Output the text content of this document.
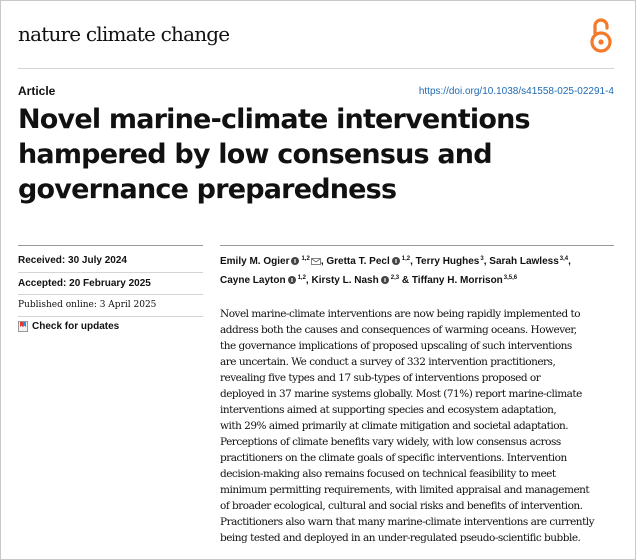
nature climate change
Article	https://doi.org/10.1038/s41558-025-02291-4
Novel marine-climate interventions
hampered by low consensus and
governance preparedness
Received: 30 July 2024
Accepted: 20 February 2025
Published online: 3 April 2025
Check for updates
Emily M. Ogier $^{1,2}$ , Gretta T. Pecl $^{1,2}$, Terry Hughes$^3$, Sarah Lawless$^{3,4}$,
Cayne Layton $^{1,2}$, Kirsty L. Nash $^{2,3}$ & Tiffany H. Morrison$^{3,5,6}$

Novel marine-climate interventions are now being rapidly implemented to
address both the causes and consequences of warming oceans. However,
the governance implications of proposed upscaling of such interventions
are uncertain. We conduct a survey of 332 intervention practitioners,
revealing five types and 17 sub-types of interventions proposed or
deployed in 37 marine systems globally. Most (71%) report marine-climate
interventions aimed at supporting species and ecosystem adaptation,
with 29% aimed primarily at climate mitigation and societal adaptation.
Perceptions of climate benefits vary widely, with low consensus across
practitioners on the climate goals of specific interventions. Intervention
decision-making also remains focused on technical feasibility to meet
minimum permitting requirements, with limited appraisal and management
of broader ecological, cultural and social risks and benefits of intervention.
Practitioners also warn that many marine-climate interventions are currently
being tested and deployed in an under-regulated pseudo-scientific bubble.
